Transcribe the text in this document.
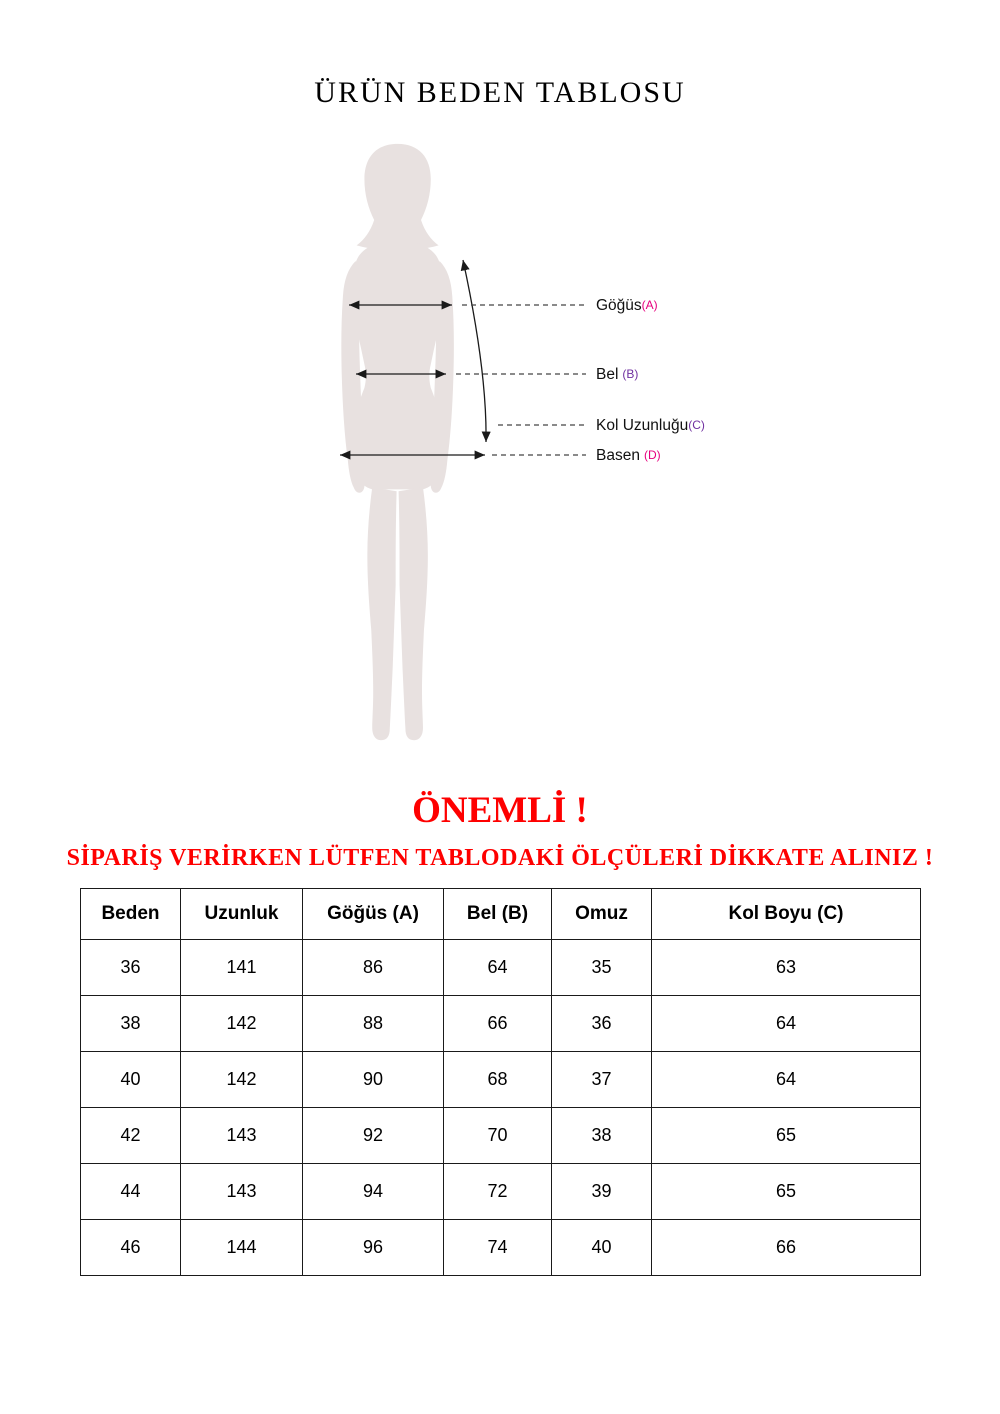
ÜRÜN BEDEN TABLOSU
Göğüs(A)
Bel (B)
Kol Uzunluğu(C)
Basen (D)
ÖNEMLİ !
SİPARİŞ VERİRKEN LÜTFEN TABLODAKİ ÖLÇÜLERİ DİKKATE ALINIZ !
Beden	Uzunluk	Göğüs (A)	Bel (B)	Omuz	Kol Boyu (C)
36	141	86	64	35	63
38	142	88	66	36	64
40	142	90	68	37	64
42	143	92	70	38	65
44	143	94	72	39	65
46	144	96	74	40	66
